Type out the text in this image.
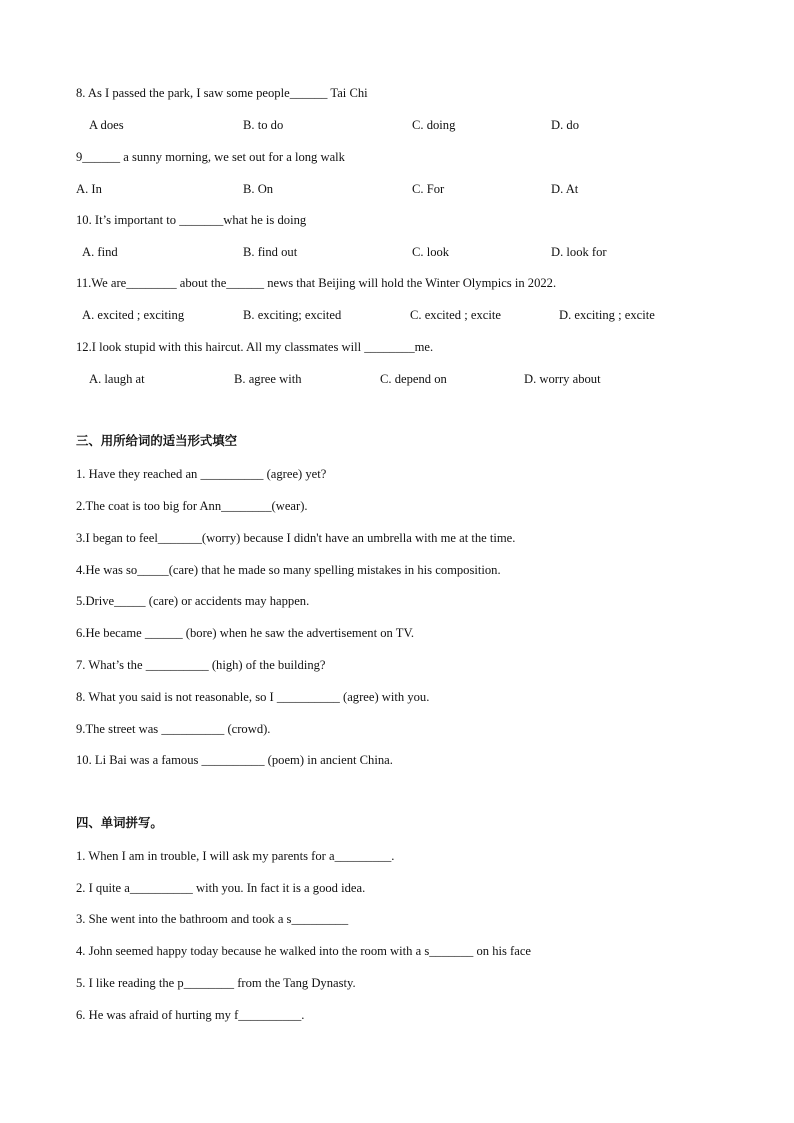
8. As I passed the park, I saw some people______ Tai Chi
A does	B. to do	C. doing	D. do
9______ a sunny morning, we set out for a long walk
A. In	B. On	C. For	D. At
10. It’s important to _______what he is doing
A. find	B. find out	C. look	D. look for
11.We are________ about the______ news that Beijing will hold the Winter Olympics in 2022.
A. excited ; exciting	B. exciting; excited	C. excited ; excite	D. exciting ; excite
12.I look stupid with this haircut. All my classmates will ________me.
A. laugh at	B. agree with	C. depend on	D. worry about
三、用所给词的适当形式填空
1. Have they reached an __________ (agree) yet?
2.The coat is too big for Ann________(wear).
3.I began to feel_______(worry) because I didn't have an umbrella with me at the time.
4.He was so_____(care) that he made so many spelling mistakes in his composition.
5.Drive_____ (care) or accidents may happen.
6.He became ______ (bore) when he saw the advertisement on TV.
7. What’s the __________ (high) of the building?
8. What you said is not reasonable, so I __________ (agree) with you.
9.The street was __________ (crowd).
10. Li Bai was a famous __________ (poem) in ancient China.
四、单词拼写。
1. When I am in trouble, I will ask my parents for a_________.
2. I quite a__________ with you. In fact it is a good idea.
3. She went into the bathroom and took a s_________
4. John seemed happy today because he walked into the room with a s_______ on his face
5. I like reading the p________ from the Tang Dynasty.
6. He was afraid of hurting my f__________.
